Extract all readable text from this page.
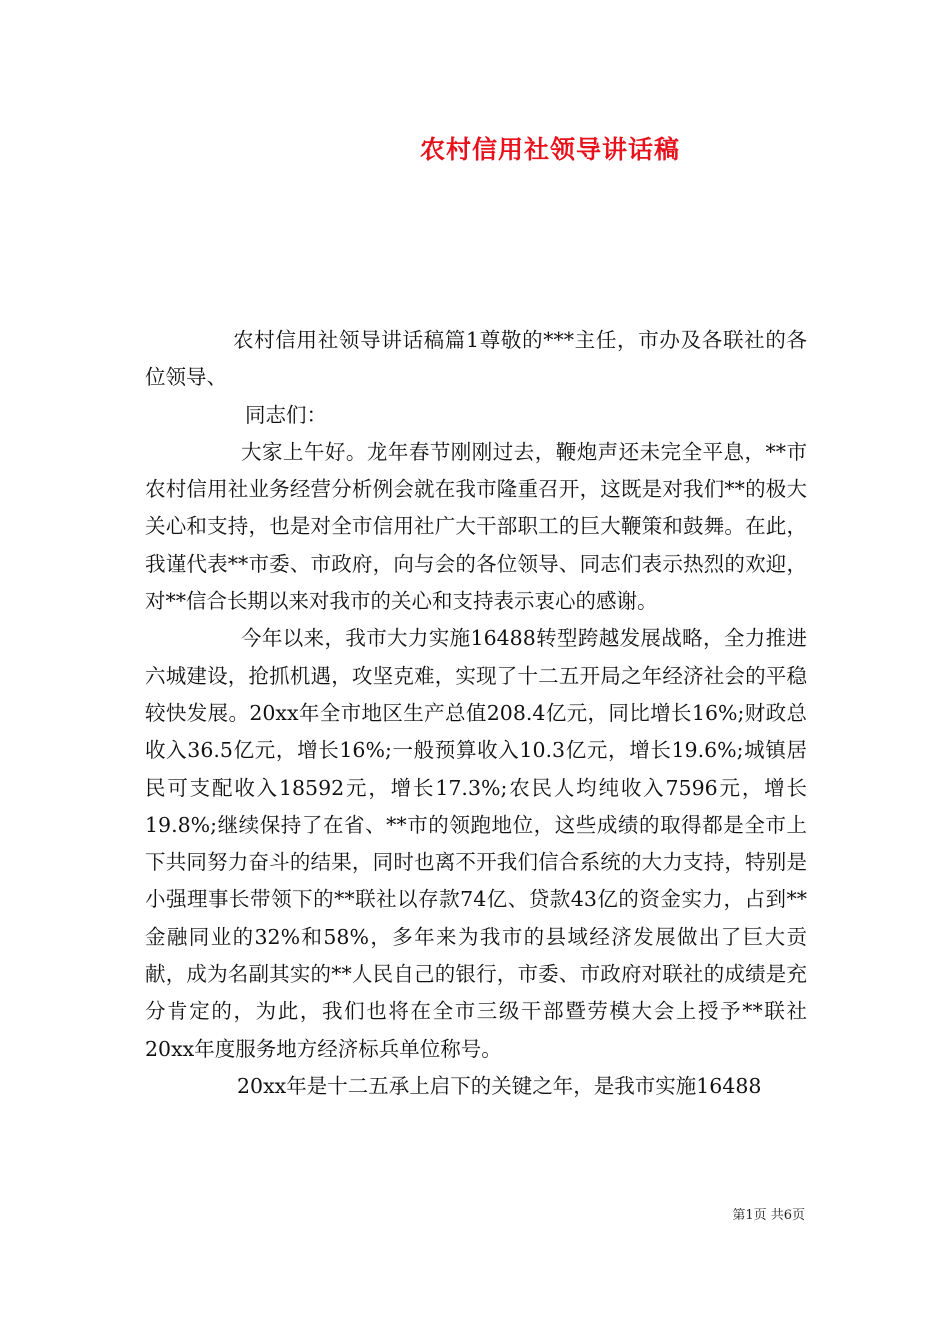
农村信用社领导讲话稿

农村信用社领导讲话稿篇1尊敬的***主任，市办及各联社的各位领导、

同志们：

大家上午好。龙年春节刚刚过去，鞭炮声还未完全平息，**市农村信用社业务经营分析例会就在我市隆重召开，这既是对我们**的极大关心和支持，也是对全市信用社广大干部职工的巨大鞭策和鼓舞。在此，我谨代表**市委、市政府，向与会的各位领导、同志们表示热烈的欢迎，对**信合长期以来对我市的关心和支持表示衷心的感谢。

今年以来，我市大力实施16488转型跨越发展战略，全力推进六城建设，抢抓机遇，攻坚克难，实现了十二五开局之年经济社会的平稳较快发展。20xx年全市地区生产总值208.4亿元，同比增长16%;财政总收入36.5亿元，增长16%;一般预算收入10.3亿元，增长19.6%;城镇居民可支配收入18592元，增长17.3%;农民人均纯收入7596元，增长19.8%;继续保持了在省、**市的领跑地位，这些成绩的取得都是全市上下共同努力奋斗的结果，同时也离不开我们信合系统的大力支持，特别是小强理事长带领下的**联社以存款74亿、贷款43亿的资金实力，占到**金融同业的32%和58%，多年来为我市的县域经济发展做出了巨大贡献，成为名副其实的**人民自己的银行，市委、市政府对联社的成绩是充分肯定的，为此，我们也将在全市三级干部暨劳模大会上授予**联社20xx年度服务地方经济标兵单位称号。

20xx年是十二五承上启下的关键之年，是我市实施16488

第1页 共6页
